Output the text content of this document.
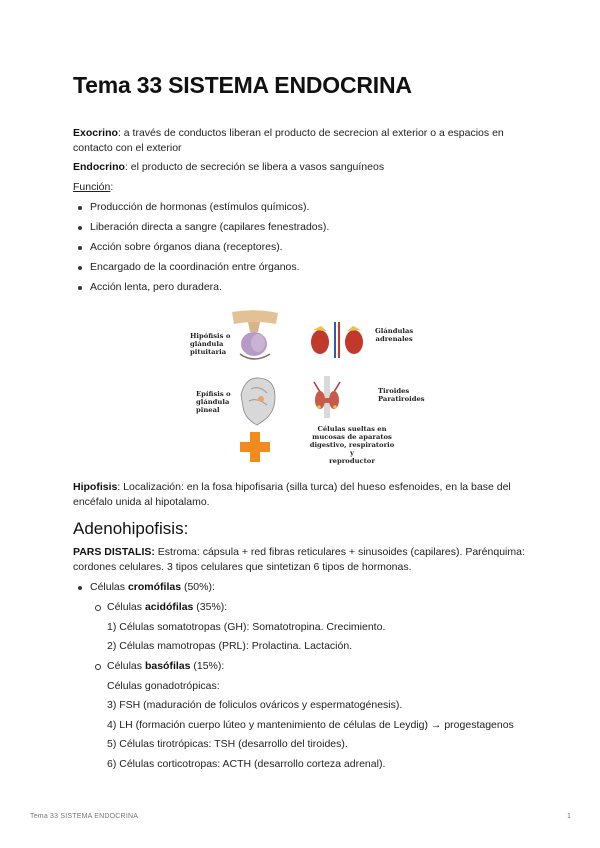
Tema 33 SISTEMA ENDOCRINA

Exocrino: a través de conductos liberan el producto de secrecion al exterior o a espacios en
contacto con el exterior

Endocrino: el producto de secreción se libera a vasos sanguíneos

Función:

Producción de hormonas (estímulos químicos).
Liberación directa a sangre (capilares fenestrados).
Acción sobre órganos diana (receptores).
Encargado de la coordinación entre órganos.
Acción lenta, pero duradera.
Hipófisis o
glándula
pituitaria
Glándulas
adrenales
Epífisis o
glándula
pineal
Tiroides
Paratiroides
Células sueltas en
mucosas de aparatos
digestivo, respiratorio y
reproductor

Hipofisis: Localización: en la fosa hipofisaria (silla turca) del hueso esfenoides, en la base del
encéfalo unida al hipotalamo.

Adenohipofisis:

PARS DISTALIS: Estroma: cápsula + red fibras reticulares + sinusoides (capilares). Parénquima:
cordones celulares. 3 tipos celulares que sintetizan 6 tipos de hormonas.

Células cromófilas (50%):
Células acidófilas (35%):
1) Células somatotropas (GH): Somatotropina. Crecimiento.
2) Células mamotropas (PRL): Prolactina. Lactación.
Células basófilas (15%):
Células gonadotrópicas:
3) FSH (maduración de foliculos ováricos y espermatogénesis).
4) LH (formación cuerpo lúteo y mantenimiento de células de Leydig) → progestagenos
5) Células tirotrópicas: TSH (desarrollo del tiroides).
6) Células corticotropas: ACTH (desarrollo corteza adrenal).
Tema 33 SISTEMA ENDOCRINA	1
